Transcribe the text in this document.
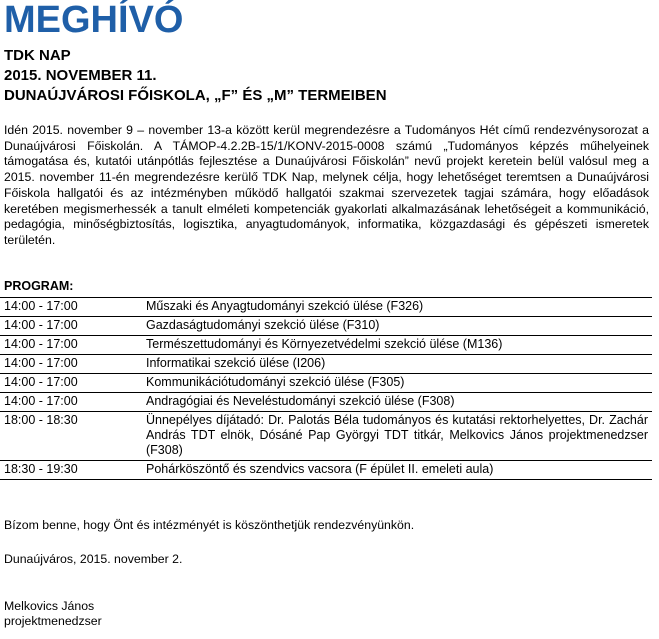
MEGHÍVÓ

TDK NAP

2015. NOVEMBER 11.

DUNAÚJVÁROSI FŐISKOLA, „F” ÉS „M” TERMEIBEN

Idén 2015. november 9 – november 13-a között kerül megrendezésre a Tudományos Hét című rendezvénysorozat a Dunaújvárosi Főiskolán. A TÁMOP-4.2.2B-15/1/KONV-2015-0008 számú „Tudományos képzés műhelyeinek támogatása és, kutatói utánpótlás fejlesztése a Dunaújvárosi Főiskolán” nevű projekt keretein belül valósul meg a 2015. november 11-én megrendezésre kerülő TDK Nap, melynek célja, hogy lehetőséget teremtsen a Dunaújvárosi Főiskola hallgatói és az intézményben működő hallgatói szakmai szervezetek tagjai számára, hogy előadások keretében megismerhessék a tanult elméleti kompetenciák gyakorlati alkalmazásának lehetőségeit a kommunikáció, pedagógia, minőségbiztosítás, logisztika, anyagtudományok, informatika, közgazdasági és gépészeti ismeretek területén.

PROGRAM:

14:00 - 17:00	Műszaki és Anyagtudományi szekció ülése (F326)
14:00 - 17:00	Gazdaságtudományi szekció ülése (F310)
14:00 - 17:00	Természettudományi és Környezetvédelmi szekció ülése (M136)
14:00 - 17:00	Informatikai szekció ülése (I206)
14:00 - 17:00	Kommunikációtudományi szekció ülése (F305)
14:00 - 17:00	Andragógiai és Neveléstudományi szekció ülése (F308)
18:00 - 18:30	Ünnepélyes díjátadó: Dr. Palotás Béla tudományos és kutatási rektorhelyettes, Dr. Zachár András TDT elnök, Dósáné Pap Györgyi TDT titkár, Melkovics János projektmenedzser (F308)
18:30 - 19:30	Pohárköszöntő és szendvics vacsora (F épület II. emeleti aula)

Bízom benne, hogy Önt és intézményét is köszönthetjük rendezvényünkön.

Dunaújváros, 2015. november 2.

Melkovics János

projektmenedzser
